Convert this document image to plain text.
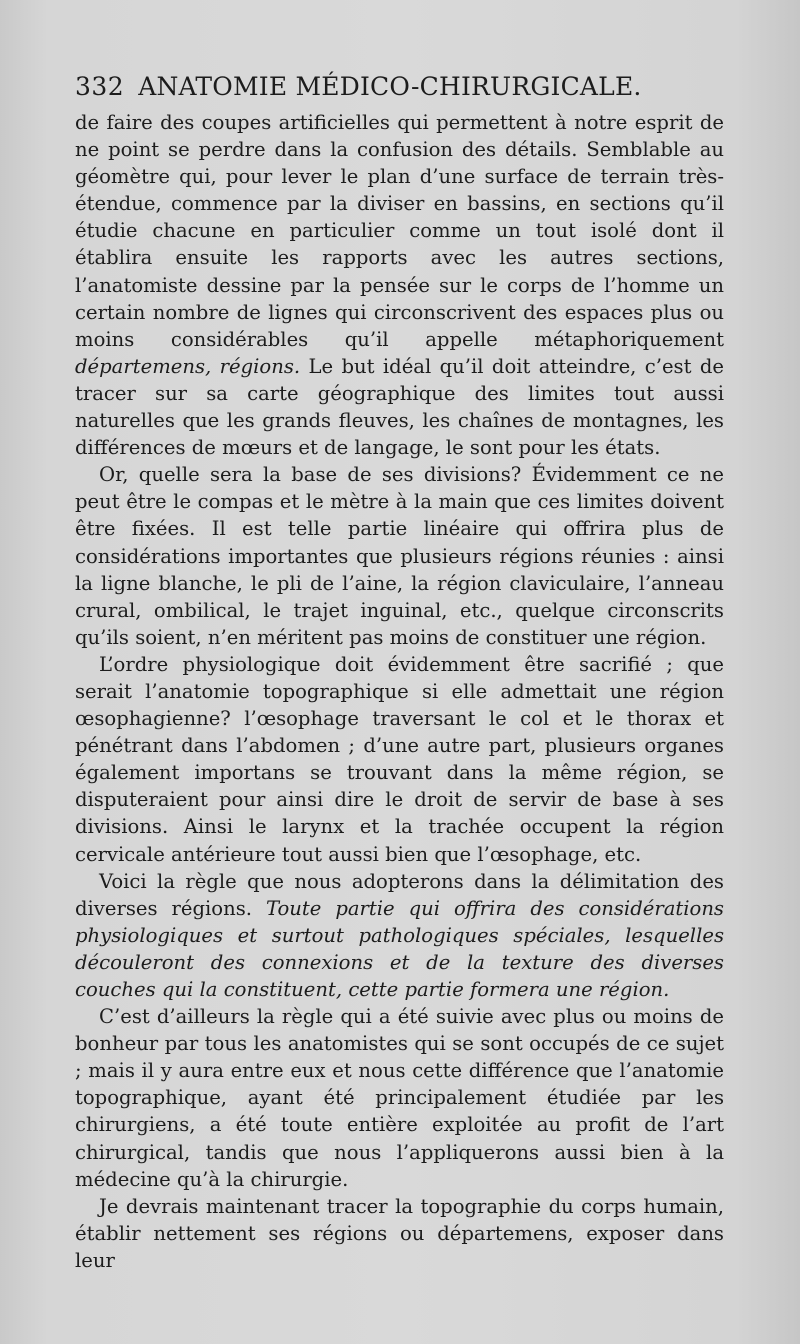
332 ANATOMIE MÉDICO-CHIRURGICALE.

de faire des coupes artificielles qui permettent à notre esprit de ne point se perdre dans la confusion des détails. Semblable au géomètre qui, pour lever le plan d’une surface de terrain très-étendue, commence par la diviser en bassins, en sections qu’il étudie chacune en particulier comme un tout isolé dont il établira ensuite les rapports avec les autres sections, l’anatomiste dessine par la pensée sur le corps de l’homme un certain nombre de lignes qui circonscrivent des espaces plus ou moins considérables qu’il appelle métaphoriquement départemens, régions. Le but idéal qu’il doit atteindre, c’est de tracer sur sa carte géographique des limites tout aussi naturelles que les grands fleuves, les chaînes de montagnes, les différences de mœurs et de langage, le sont pour les états.

Or, quelle sera la base de ses divisions? Évidemment ce ne peut être le compas et le mètre à la main que ces limites doivent être fixées. Il est telle partie linéaire qui offrira plus de considérations importantes que plusieurs régions réunies : ainsi la ligne blanche, le pli de l’aine, la région claviculaire, l’anneau crural, ombilical, le trajet inguinal, etc., quelque circonscrits qu’ils soient, n’en méritent pas moins de constituer une région.

L’ordre physiologique doit évidemment être sacrifié ; que serait l’anatomie topographique si elle admettait une région œsophagienne? l’œsophage traversant le col et le thorax et pénétrant dans l’abdomen ; d’une autre part, plusieurs organes également importans se trouvant dans la même région, se disputeraient pour ainsi dire le droit de servir de base à ses divisions. Ainsi le larynx et la trachée occupent la région cervicale antérieure tout aussi bien que l’œsophage, etc.

Voici la règle que nous adopterons dans la délimitation des diverses régions. Toute partie qui offrira des considérations physiologiques et surtout pathologiques spéciales, lesquelles découleront des connexions et de la texture des diverses couches qui la constituent, cette partie formera une région.

C’est d’ailleurs la règle qui a été suivie avec plus ou moins de bonheur par tous les anatomistes qui se sont occupés de ce sujet ; mais il y aura entre eux et nous cette différence que l’anatomie topographique, ayant été principalement étudiée par les chirurgiens, a été toute entière exploitée au profit de l’art chirurgical, tandis que nous l’appliquerons aussi bien à la médecine qu’à la chirurgie.

Je devrais maintenant tracer la topographie du corps humain, établir nettement ses régions ou départemens, exposer dans leur
